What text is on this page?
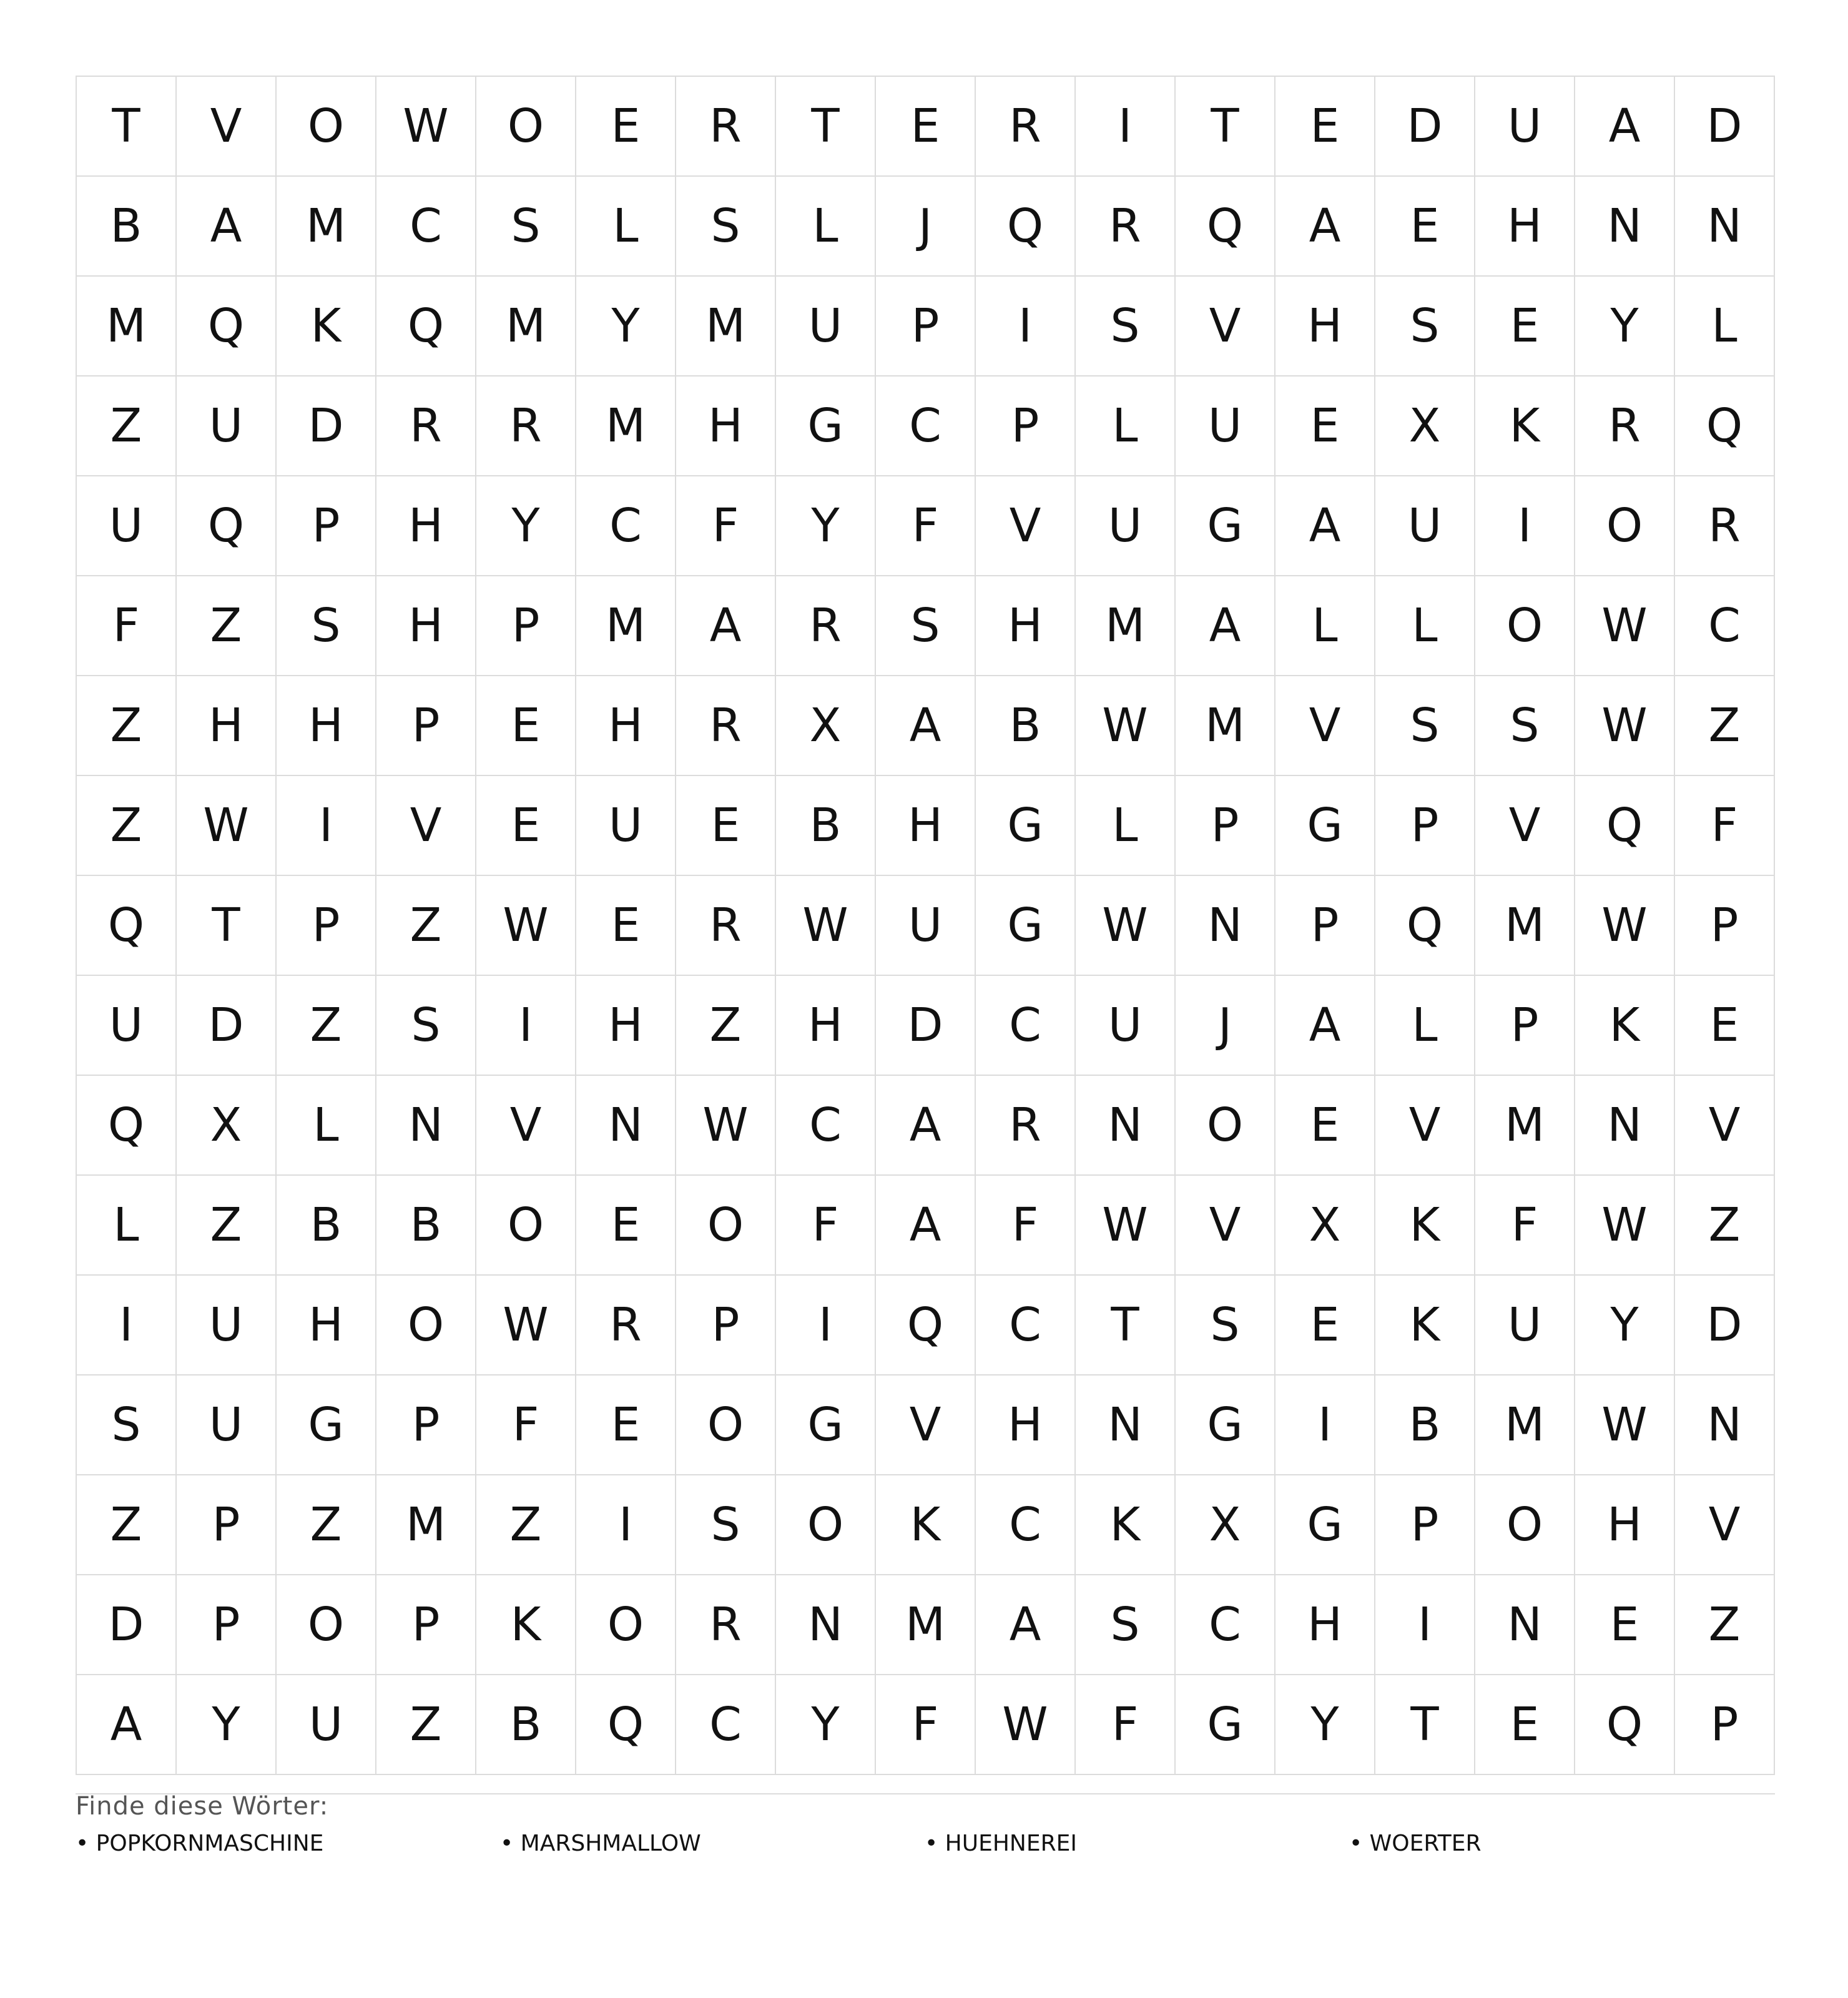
T	V	O	W	O	E	R	T	E	R	I	T	E	D	U	A	D
B	A	M	C	S	L	S	L	J	Q	R	Q	A	E	H	N	N
M	Q	K	Q	M	Y	M	U	P	I	S	V	H	S	E	Y	L
Z	U	D	R	R	M	H	G	C	P	L	U	E	X	K	R	Q
U	Q	P	H	Y	C	F	Y	F	V	U	G	A	U	I	O	R
F	Z	S	H	P	M	A	R	S	H	M	A	L	L	O	W	C
Z	H	H	P	E	H	R	X	A	B	W	M	V	S	S	W	Z
Z	W	I	V	E	U	E	B	H	G	L	P	G	P	V	Q	F
Q	T	P	Z	W	E	R	W	U	G	W	N	P	Q	M	W	P
U	D	Z	S	I	H	Z	H	D	C	U	J	A	L	P	K	E
Q	X	L	N	V	N	W	C	A	R	N	O	E	V	M	N	V
L	Z	B	B	O	E	O	F	A	F	W	V	X	K	F	W	Z
I	U	H	O	W	R	P	I	Q	C	T	S	E	K	U	Y	D
S	U	G	P	F	E	O	G	V	H	N	G	I	B	M	W	N
Z	P	Z	M	Z	I	S	O	K	C	K	X	G	P	O	H	V
D	P	O	P	K	O	R	N	M	A	S	C	H	I	N	E	Z
A	Y	U	Z	B	Q	C	Y	F	W	F	G	Y	T	E	Q	P
Finde diese Wörter:
• POPKORNMASCHINE	• MARSHMALLOW	• HUEHNEREI	• WOERTER
